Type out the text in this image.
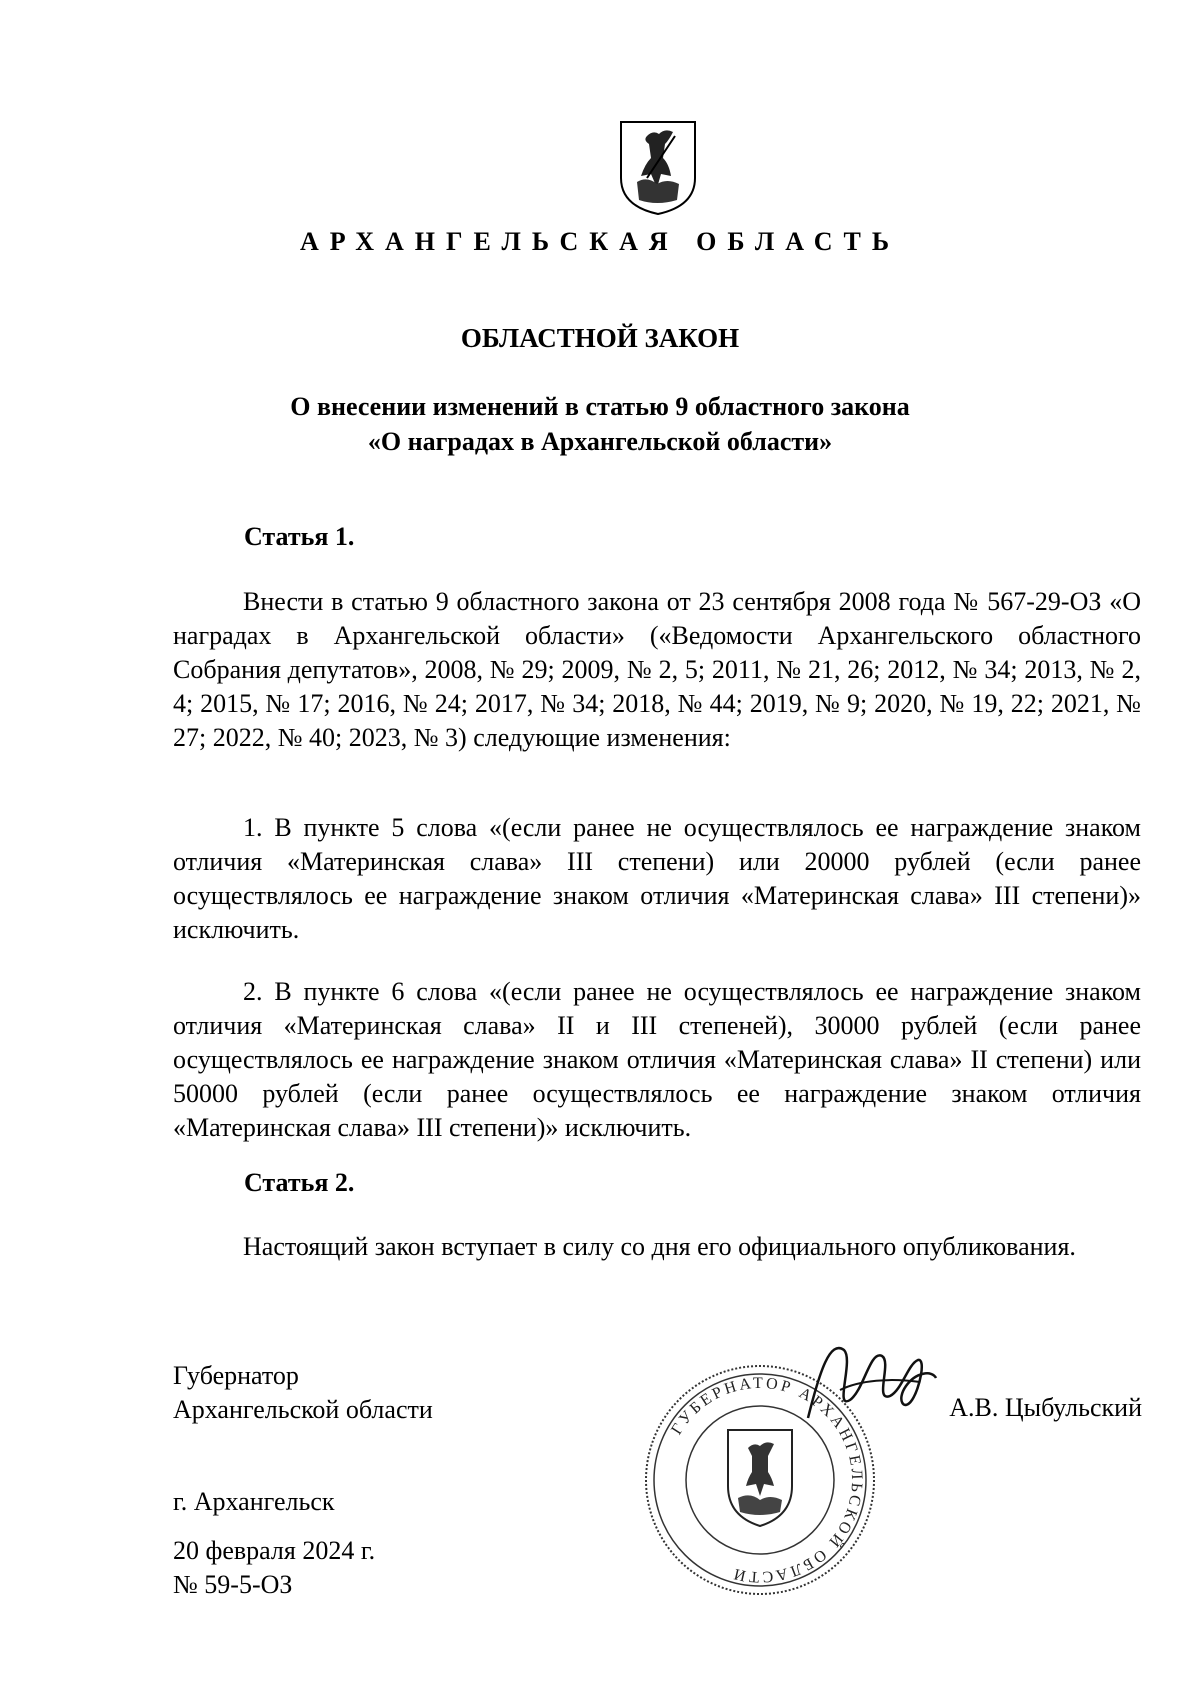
АРХАНГЕЛЬСКАЯ ОБЛАСТЬ
ОБЛАСТНОЙ ЗАКОН
О внесении изменений в статью 9 областного закона
«О наградах в Архангельской области»
Статья 1.
Внести в статью 9 областного закона от 23 сентября 2008 года № 567-29-ОЗ «О наградах в Архангельской области» («Ведомости Архангельского областного Собрания депутатов», 2008, № 29; 2009, № 2, 5; 2011, № 21, 26; 2012, № 34; 2013, № 2, 4; 2015, № 17; 2016, № 24; 2017, № 34; 2018, № 44; 2019, № 9; 2020, № 19, 22; 2021, № 27; 2022, № 40; 2023, № 3) следующие изменения:
1. В пункте 5 слова «(если ранее не осуществлялось ее награждение знаком отличия «Материнская слава» III степени) или 20000 рублей (если ранее осуществлялось ее награждение знаком отличия «Материнская слава» III степени)» исключить.
2. В пункте 6 слова «(если ранее не осуществлялось ее награждение знаком отличия «Материнская слава» II и III степеней), 30000 рублей (если ранее осуществлялось ее награждение знаком отличия «Материнская слава» II степени) или 50000 рублей (если ранее осуществлялось ее награждение знаком отличия «Материнская слава» III степени)» исключить.
Статья 2.
Настоящий закон вступает в силу со дня его официального опубликования.
Губернатор
Архангельской области
ГУБЕРНАТОР АРХАНГЕЛЬСКОЙ ОБЛАСТИ
А.В. Цыбульский
г. Архангельск
20 февраля 2024 г.
№ 59-5-ОЗ
